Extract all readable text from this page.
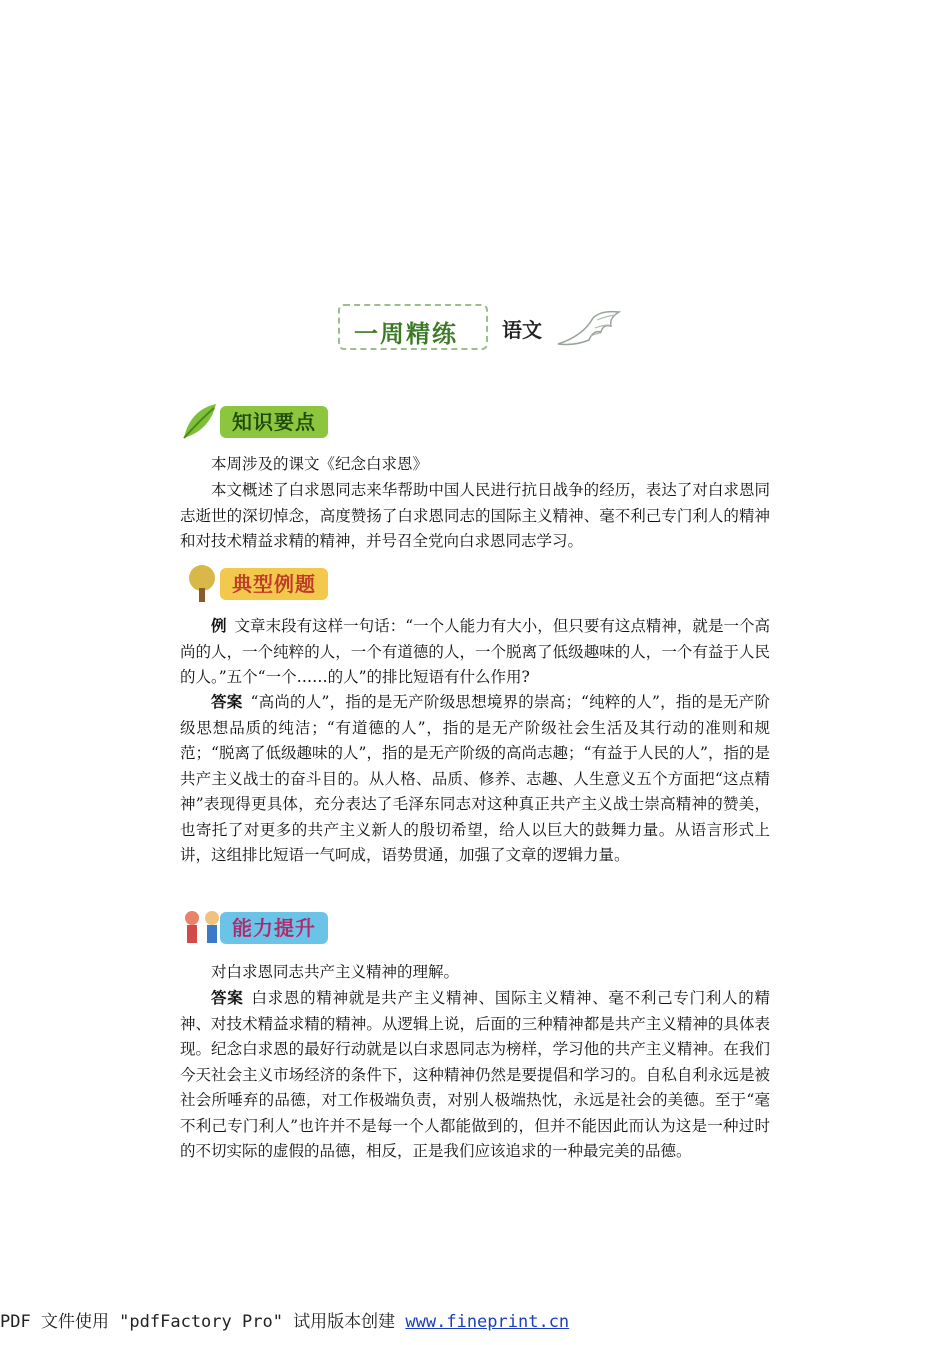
一周精练 语文
知识要点

本周涉及的课文《纪念白求恩》

本文概述了白求恩同志来华帮助中国人民进行抗日战争的经历，表达了对白求恩同志逝世的深切悼念，高度赞扬了白求恩同志的国际主义精神、毫不利己专门利人的精神和对技术精益求精的精神，并号召全党向白求恩同志学习。

典型例题

例 文章末段有这样一句话：“一个人能力有大小，但只要有这点精神，就是一个高尚的人，一个纯粹的人，一个有道德的人，一个脱离了低级趣味的人，一个有益于人民的人。”五个“一个……的人”的排比短语有什么作用?

答案 “高尚的人”，指的是无产阶级思想境界的崇高；“纯粹的人”，指的是无产阶级思想品质的纯洁；“有道德的人”，指的是无产阶级社会生活及其行动的准则和规范；“脱离了低级趣味的人”，指的是无产阶级的高尚志趣；“有益于人民的人”，指的是共产主义战士的奋斗目的。从人格、品质、修养、志趣、人生意义五个方面把“这点精神”表现得更具体，充分表达了毛泽东同志对这种真正共产主义战士崇高精神的赞美，也寄托了对更多的共产主义新人的殷切希望，给人以巨大的鼓舞力量。从语言形式上讲，这组排比短语一气呵成，语势贯通，加强了文章的逻辑力量。

能力提升

对白求恩同志共产主义精神的理解。

答案 白求恩的精神就是共产主义精神、国际主义精神、毫不利己专门利人的精神、对技术精益求精的精神。从逻辑上说，后面的三种精神都是共产主义精神的具体表现。纪念白求恩的最好行动就是以白求恩同志为榜样，学习他的共产主义精神。在我们今天社会主义市场经济的条件下，这种精神仍然是要提倡和学习的。自私自利永远是被社会所唾弃的品德，对工作极端负责，对别人极端热忱，永远是社会的美德。至于“毫不利己专门利人”也许并不是每一个人都能做到的，但并不能因此而认为这是一种过时的不切实际的虚假的品德，相反，正是我们应该追求的一种最完美的品德。

PDF 文件使用 "pdfFactory Pro" 试用版本创建 www.fineprint.cn
